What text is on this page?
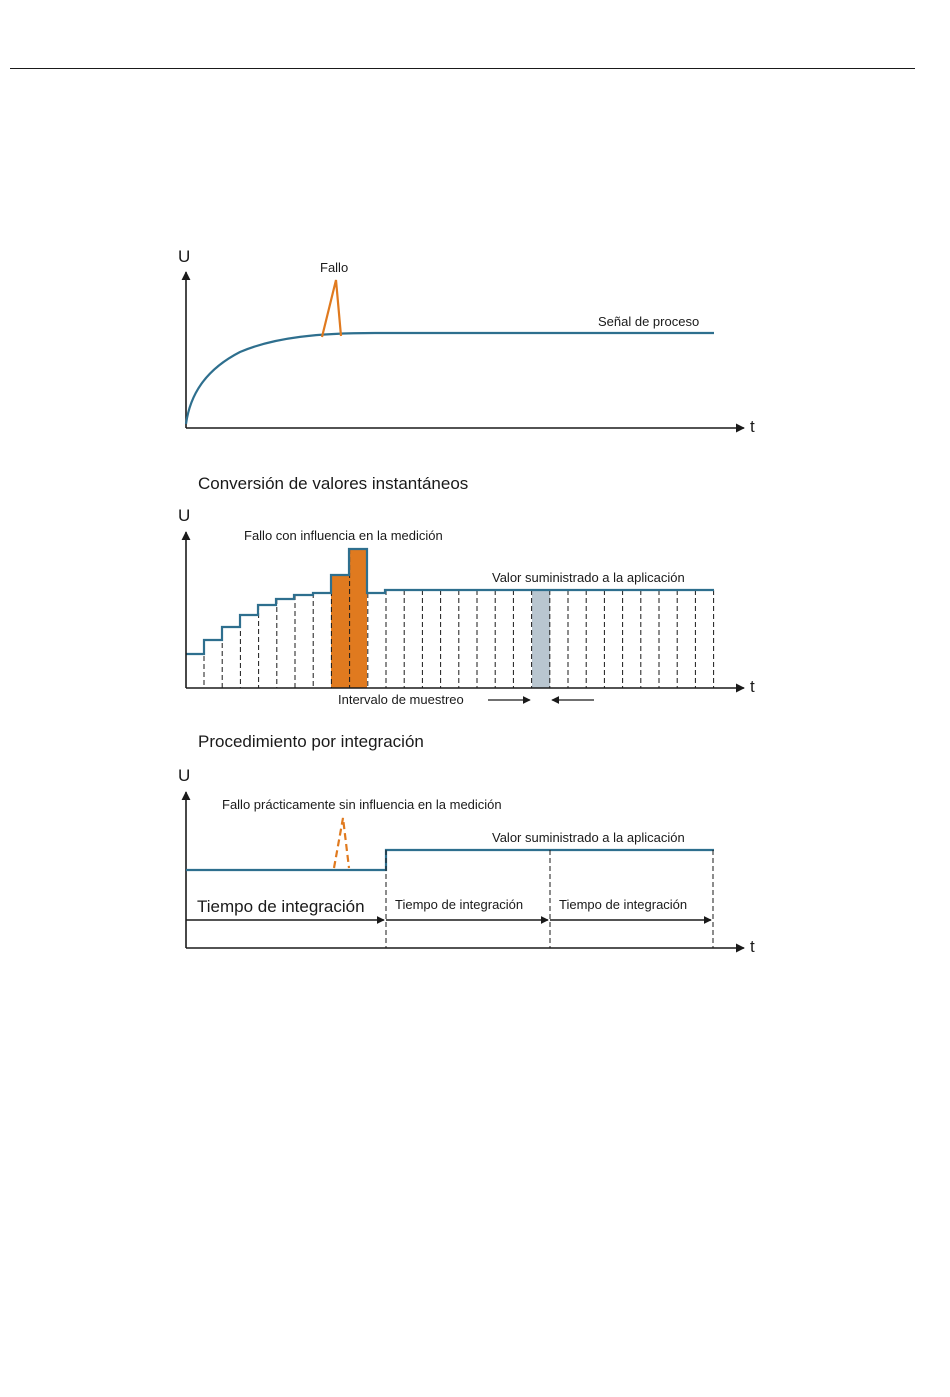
U
t
Fallo
Señal de proceso
Conversión de valores instantáneos
U
t
Fallo con influencia en la medición
Valor suministrado a la aplicación
Intervalo de muestreo
Procedimiento por integración
U
t
Fallo prácticamente sin influencia en la medición
Valor suministrado a la aplicación
Tiempo de integración Tiempo de integración	Tiempo de integración
